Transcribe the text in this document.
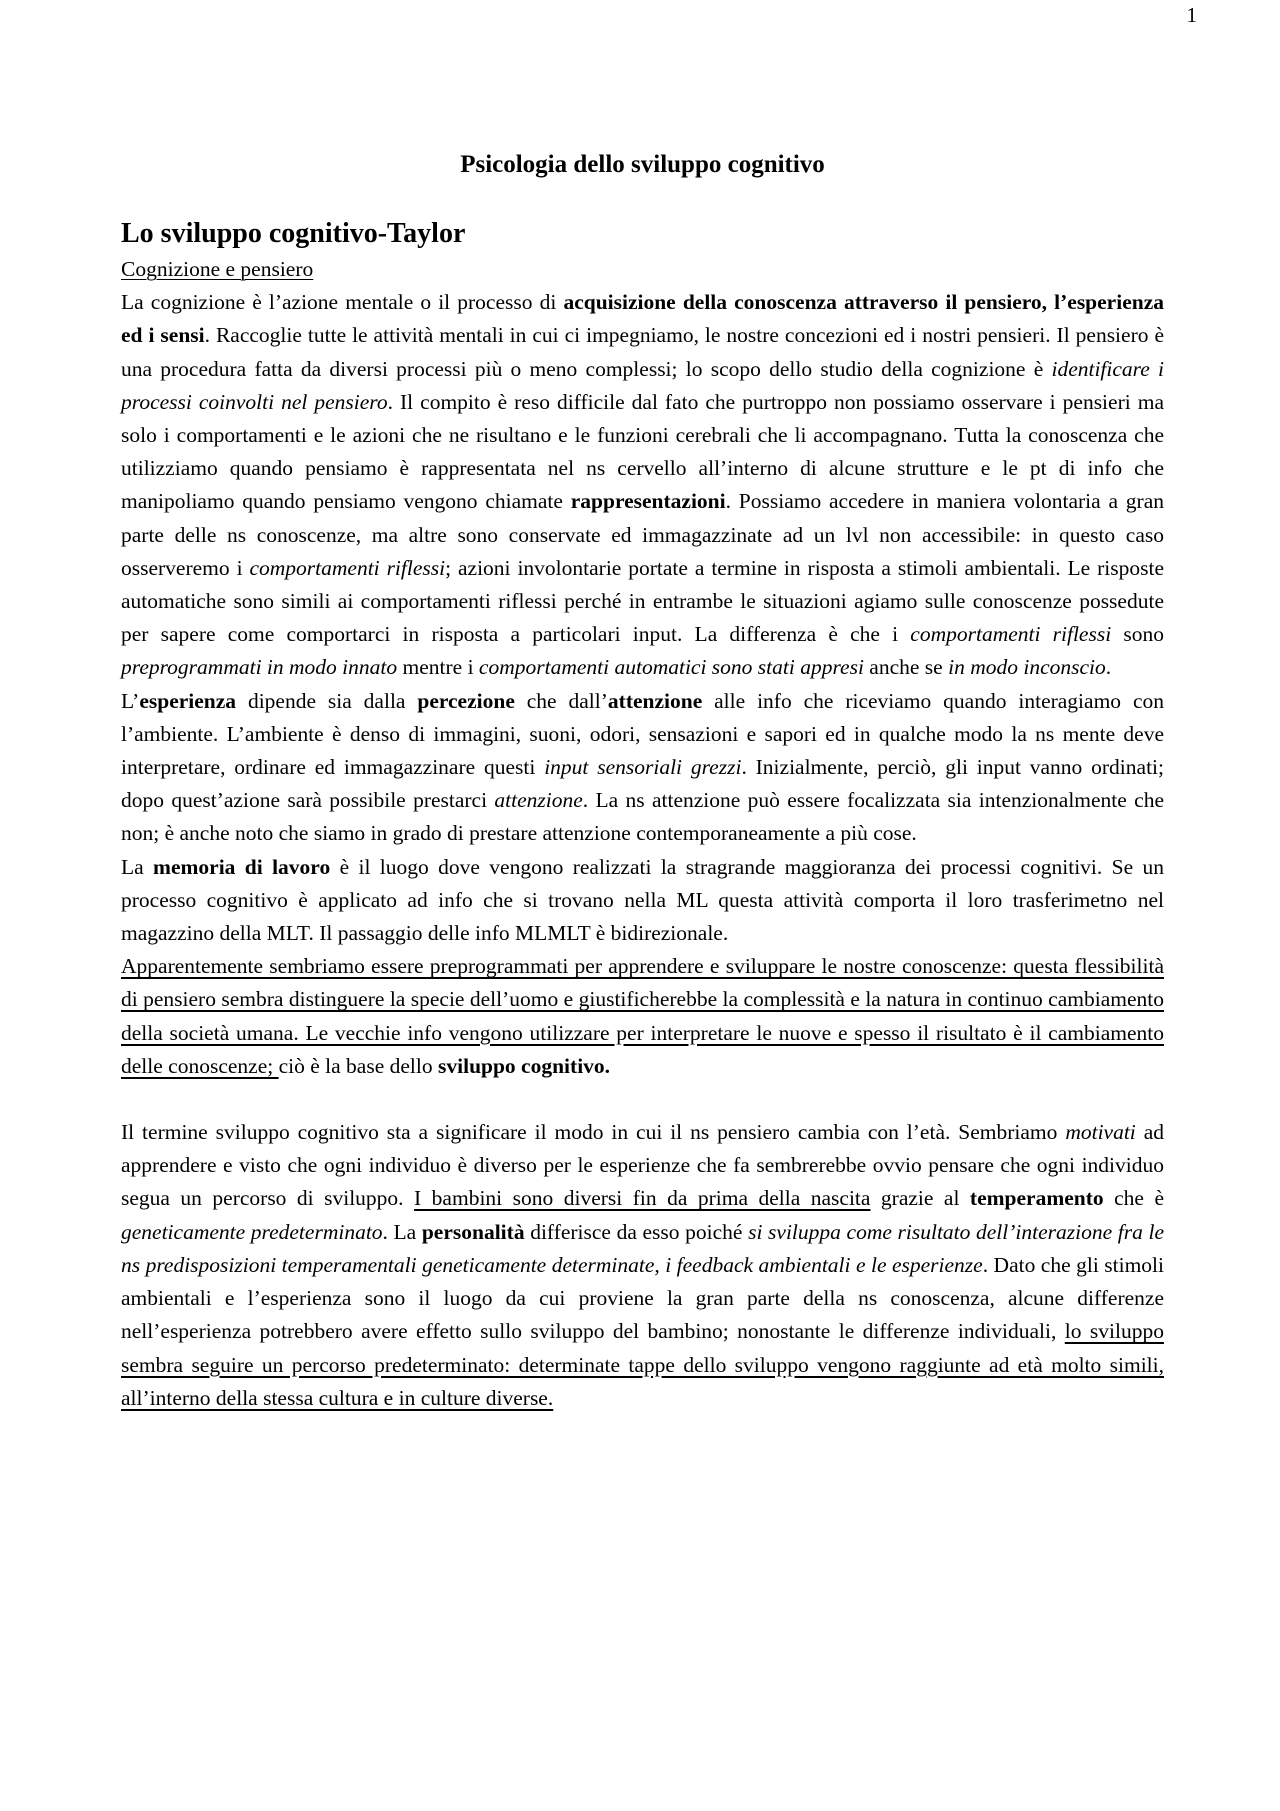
1
Psicologia dello sviluppo cognitivo
Lo sviluppo cognitivo-Taylor
Cognizione e pensiero

La cognizione è l’azione mentale o il processo di acquisizione della conoscenza attraverso il pensiero, l’esperienza ed i sensi. Raccoglie tutte le attività mentali in cui ci impegniamo, le nostre concezioni ed i nostri pensieri. Il pensiero è una procedura fatta da diversi processi più o meno complessi; lo scopo dello studio della cognizione è identificare i processi coinvolti nel pensiero. Il compito è reso difficile dal fato che purtroppo non possiamo osservare i pensieri ma solo i comportamenti e le azioni che ne risultano e le funzioni cerebrali che li accompagnano. Tutta la conoscenza che utilizziamo quando pensiamo è rappresentata nel ns cervello all’interno di alcune strutture e le pt di info che manipoliamo quando pensiamo vengono chiamate rappresentazioni. Possiamo accedere in maniera volontaria a gran parte delle ns conoscenze, ma altre sono conservate ed immagazzinate ad un lvl non accessibile: in questo caso osserveremo i comportamenti riflessi; azioni involontarie portate a termine in risposta a stimoli ambientali. Le risposte automatiche sono simili ai comportamenti riflessi perché in entrambe le situazioni agiamo sulle conoscenze possedute per sapere come comportarci in risposta a particolari input. La differenza è che i comportamenti riflessi sono preprogrammati in modo innato mentre i comportamenti automatici sono stati appresi anche se in modo inconscio.

L’esperienza dipende sia dalla percezione che dall’attenzione alle info che riceviamo quando interagiamo con l’ambiente. L’ambiente è denso di immagini, suoni, odori, sensazioni e sapori ed in qualche modo la ns mente deve interpretare, ordinare ed immagazzinare questi input sensoriali grezzi. Inizialmente, perciò, gli input vanno ordinati; dopo quest’azione sarà possibile prestarci attenzione. La ns attenzione può essere focalizzata sia intenzionalmente che non; è anche noto che siamo in grado di prestare attenzione contemporaneamente a più cose.

La memoria di lavoro è il luogo dove vengono realizzati la stragrande maggioranza dei processi cognitivi. Se un processo cognitivo è applicato ad info che si trovano nella ML questa attività comporta il loro trasferimetno nel magazzino della MLT. Il passaggio delle info MLMLT è bidirezionale.

Apparentemente sembriamo essere preprogrammati per apprendere e sviluppare le nostre conoscenze: questa flessibilità di pensiero sembra distinguere la specie dell’uomo e giustificherebbe la complessità e la natura in continuo cambiamento della società umana. Le vecchie info vengono utilizzare per interpretare le nuove e spesso il risultato è il cambiamento delle conoscenze; ciò è la base dello sviluppo cognitivo.

Il termine sviluppo cognitivo sta a significare il modo in cui il ns pensiero cambia con l’età. Sembriamo motivati ad apprendere e visto che ogni individuo è diverso per le esperienze che fa sembrerebbe ovvio pensare che ogni individuo segua un percorso di sviluppo. I bambini sono diversi fin da prima della nascita grazie al temperamento che è geneticamente predeterminato. La personalità differisce da esso poiché si sviluppa come risultato dell’interazione fra le ns predisposizioni temperamentali geneticamente determinate, i feedback ambientali e le esperienze. Dato che gli stimoli ambientali e l’esperienza sono il luogo da cui proviene la gran parte della ns conoscenza, alcune differenze nell’esperienza potrebbero avere effetto sullo sviluppo del bambino; nonostante le differenze individuali, lo sviluppo sembra seguire un percorso predeterminato: determinate tappe dello sviluppo vengono raggiunte ad età molto simili, all’interno della stessa cultura e in culture diverse.
